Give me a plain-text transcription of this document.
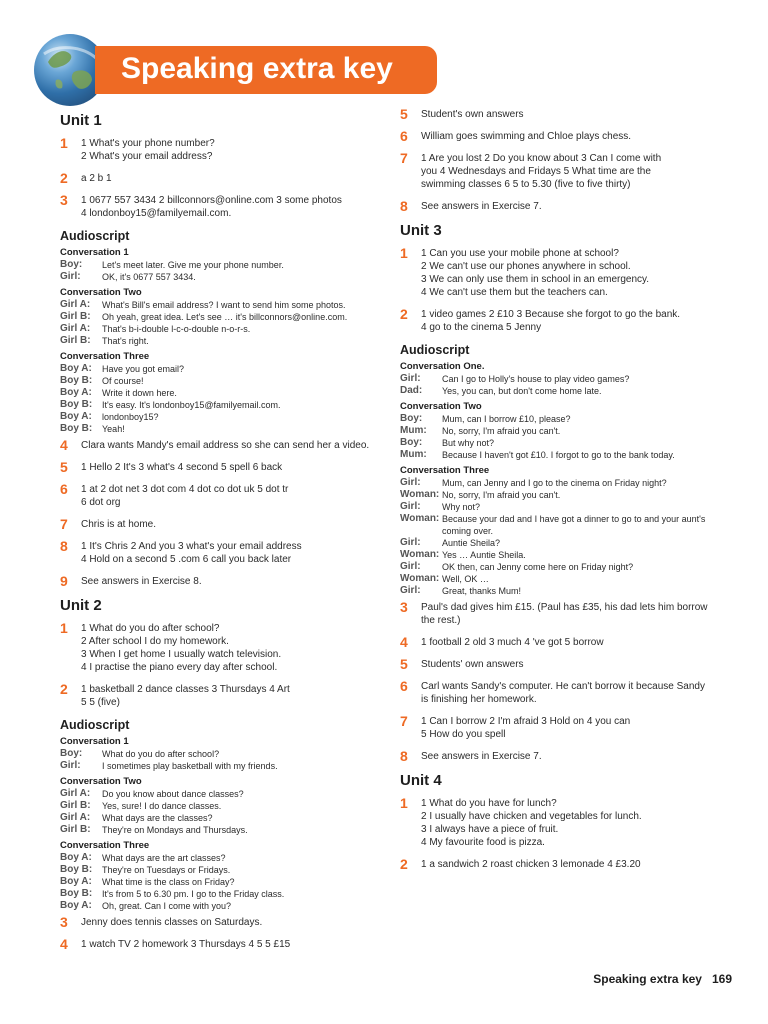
Speaking extra key
Unit 1
1	1 What's your phone number?
2 What's your email address?
2	a 2 b 1
3	1 0677 557 3434 2 billconnors@online.com 3 some photos
4 londonboy15@familyemail.com.
Audioscript
Conversation 1
Boy:	Let's meet later. Give me your phone number.
Girl:	OK, it's 0677 557 3434.
Conversation Two
Girl A:	What's Bill's email address? I want to send him some photos.
Girl B:	Oh yeah, great idea. Let's see … it's billconnors@online.com.
Girl A:	That's b-i-double l-c-o-double n-o-r-s.
Girl B:	That's right.
Conversation Three
Boy A:	Have you got email?
Boy B:	Of course!
Boy A:	Write it down here.
Boy B:	It's easy. It's londonboy15@familyemail.com.
Boy A:	londonboy15?
Boy B:	Yeah!
4	Clara wants Mandy's email address so she can send her a video.
5	1 Hello 2 It's 3 what's 4 second 5 spell 6 back
6	1 at 2 dot net 3 dot com 4 dot co dot uk 5 dot tr
6 dot org
7	Chris is at home.
8	1 It's Chris 2 And you 3 what's your email address
4 Hold on a second 5 .com 6 call you back later
9	See answers in Exercise 8.
Unit 2
1	1 What do you do after school?
2 After school I do my homework.
3 When I get home I usually watch television.
4 I practise the piano every day after school.
2	1 basketball 2 dance classes 3 Thursdays 4 Art
5 5 (five)
Audioscript
Conversation 1
Boy:	What do you do after school?
Girl:	I sometimes play basketball with my friends.
Conversation Two
Girl A:	Do you know about dance classes?
Girl B:	Yes, sure! I do dance classes.
Girl A:	What days are the classes?
Girl B:	They're on Mondays and Thursdays.
Conversation Three
Boy A:	What days are the art classes?
Boy B:	They're on Tuesdays or Fridays.
Boy A:	What time is the class on Friday?
Boy B:	It's from 5 to 6.30 pm. I go to the Friday class.
Boy A:	Oh, great. Can I come with you?
3	Jenny does tennis classes on Saturdays.
4	1 watch TV 2 homework 3 Thursdays 4 5 5 £15
5	Student's own answers
6	William goes swimming and Chloe plays chess.
7	1 Are you lost 2 Do you know about 3 Can I come with
you 4 Wednesdays and Fridays 5 What time are the
swimming classes 6 5 to 5.30 (five to five thirty)
8	See answers in Exercise 7.
Unit 3
1	1 Can you use your mobile phone at school?
2 We can't use our phones anywhere in school.
3 We can only use them in school in an emergency.
4 We can't use them but the teachers can.
2	1 video games 2 £10 3 Because she forgot to go the bank.
4 go to the cinema 5 Jenny
Audioscript
Conversation One.
Girl:	Can I go to Holly's house to play video games?
Dad:	Yes, you can, but don't come home late.
Conversation Two
Boy:	Mum, can I borrow £10, please?
Mum:	No, sorry, I'm afraid you can't.
Boy:	But why not?
Mum:	Because I haven't got £10. I forgot to go to the bank today.
Conversation Three
Girl:	Mum, can Jenny and I go to the cinema on Friday night?
Woman: No, sorry, I'm afraid you can't.
Girl:	Why not?
Woman: Because your dad and I have got a dinner to go to and your aunt's coming over.
Girl:	Auntie Sheila?
Woman: Yes … Auntie Sheila.
Girl:	OK then, can Jenny come here on Friday night?
Woman: Well, OK …
Girl:	Great, thanks Mum!
3	Paul's dad gives him £15. (Paul has £35, his dad lets him borrow
the rest.)
4	1 football 2 old 3 much 4 've got 5 borrow
5	Students' own answers
6	Carl wants Sandy's computer. He can't borrow it because Sandy
is finishing her homework.
7	1 Can I borrow 2 I'm afraid 3 Hold on 4 you can
5 How do you spell
8	See answers in Exercise 7.
Unit 4
1	1 What do you have for lunch?
2 I usually have chicken and vegetables for lunch.
3 I always have a piece of fruit.
4 My favourite food is pizza.
2	1 a sandwich 2 roast chicken 3 lemonade 4 £3.20
Speaking extra key 169
